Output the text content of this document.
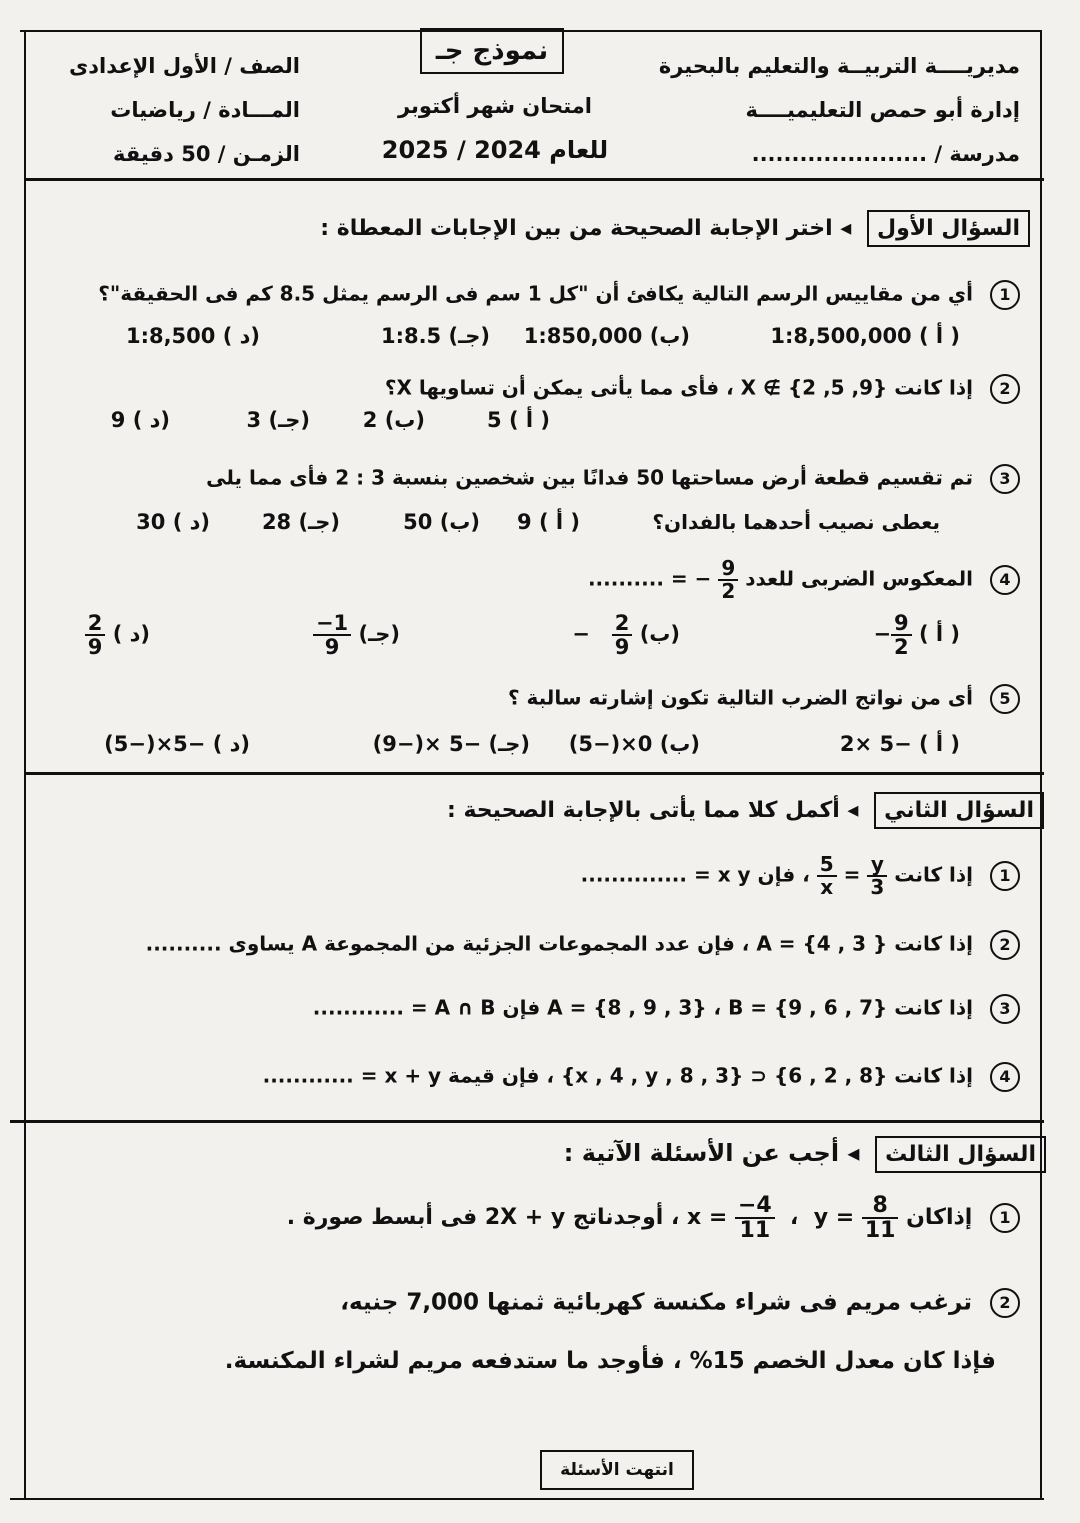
مديريــــة التربيــة والتعليم بالبحيرة
إدارة أبو حمص التعليميــــة
مدرسة / ......................
نموذج جـ
امتحان شهر أكتوبر
للعام 2024 / 2025
الصف / الأول الإعدادى
المـــادة / رياضيات
الزمـن / 50 دقيقة
السؤال الأول ◂ اختر الإجابة الصحيحة من بين الإجابات المعطاة :
1 أي من مقاييس الرسم التالية يكافئ أن "كل 1 سم فى الرسم يمثل 8.5 كم فى الحقيقة"؟
( أ ) 1:8,500,000
(ب) 1:850,000
(جـ) 1:8.5
(د ) 1:8,500
2 إذا كانت X ∉ {2 ,5 ,9} ، فأى مما يأتى يمكن أن تساويها X؟
( أ ) 5
(ب) 2
(جـ) 3
(د ) 9
3 تم تقسيم قطعة أرض مساحتها 50 فدانًا بين شخصين بنسبة 3 : 2 فأى مما يلى
يعطى نصيب أحدهما بالفدان؟
( أ ) 9
(ب) 50
(جـ) 28
(د ) 30
4 المعكوس الضربى للعدد − $\frac{9}{2}$
= ..........
( أ ) − $\frac{9}{2}$
(ب) − $\frac{2}{9}$
(جـ)
$\frac{-1}{9}$
(د )
$\frac{2}{9}$
5 أى من نواتج الضرب التالية تكون إشارته سالبة ؟
( أ ) −5 ×2
(ب) 0×(−5)
(جـ) −5 ×(−9)
(د ) −5×(−5)
السؤال الثاني ◂ أكمل كلا مما يأتى بالإجابة الصحيحة :
1 إذا كانت
$\frac{5}{x} = \frac{y}{3}$
، فإن x y = ..............
2 إذا كانت A = {4 , 3 } ، فإن عدد المجموعات الجزئية من المجموعة A يساوى ..........
3 إذا كانت A = {8 , 9 , 3} ، B = {9 , 6 , 7} فإن A ∩ B = ............
4 إذا كانت {8 , 2 , 6} ⊂ {3 , x , 4 , y , 8} ، فإن قيمة x + y = ............
السؤال الثالث ◂ أجب عن الأسئلة الآتية :
1 إذاكان $x = \frac{-4}{11}$ ،  $y = \frac{8}{11}$
، أوجدناتج 2X + y فى أبسط صورة .
2 ترغب مريم فى شراء مكنسة كهربائية ثمنها 7,000 جنيه،
فإذا كان معدل الخصم 15% ، فأوجد ما ستدفعه مريم لشراء المكنسة.
انتهت الأسئلة
